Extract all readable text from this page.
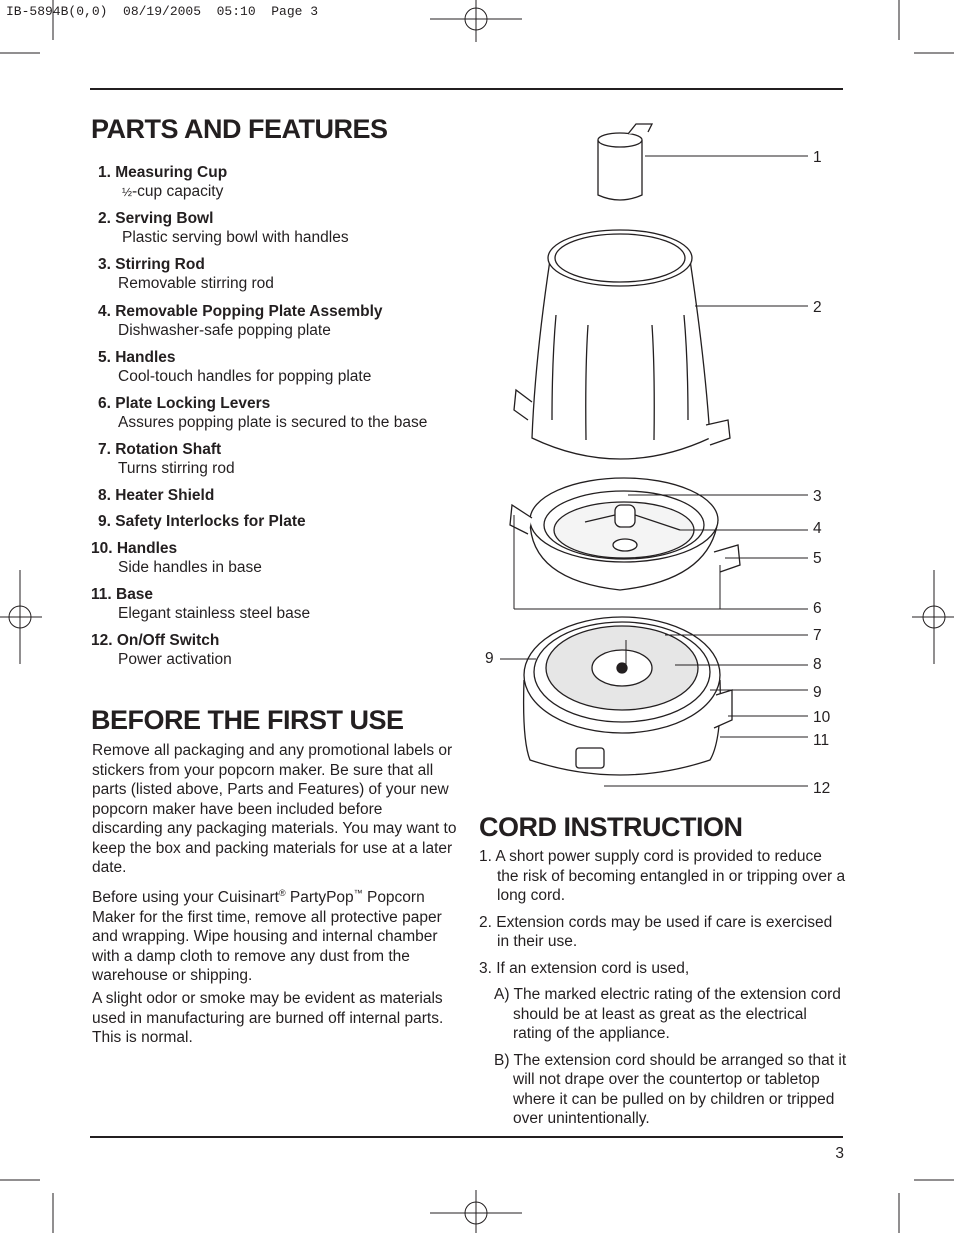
IB-5894B(0,0)  08/19/2005  05:10  Page 3
PARTS AND FEATURES
1. Measuring Cup
½-cup capacity
2. Serving Bowl
Plastic serving bowl with handles
3. Stirring Rod
Removable stirring rod
4. Removable Popping Plate Assembly
Dishwasher-safe popping plate
5. Handles
Cool-touch handles for popping plate
6. Plate Locking Levers
Assures popping plate is secured to the base
7. Rotation Shaft
Turns stirring rod
8. Heater Shield
9. Safety Interlocks for Plate
10. Handles
Side handles in base
11. Base
Elegant stainless steel base
12. On/Off Switch
Power activation
BEFORE THE FIRST USE

Remove all packaging and any promotional labels or stickers from your popcorn maker. Be sure that all parts (listed above, Parts and Features) of your new popcorn maker have been included before discarding any packaging materials. You may want to keep the box and packing materials for use at a later date.

Before using your Cuisinart® PartyPop™ Popcorn Maker for the first time, remove all protective paper and wrapping. Wipe housing and internal chamber with a damp cloth to remove any dust from the warehouse or shipping.

A slight odor or smoke may be evident as materials used in manufacturing are burned off internal parts. This is normal.

1
2
3
4
5
6
7
8
9
10
11
12
9
CORD INSTRUCTION
1. A short power supply cord is provided to reduce the risk of becoming entangled in or tripping over a long cord.
2. Extension cords may be used if care is exercised in their use.
3. If an extension cord is used,
A) The marked electric rating of the extension cord should be at least as great as the electrical rating of the appliance.
B) The extension cord should be arranged so that it will not drape over the countertop or tabletop where it can be pulled on by children or tripped over unintentionally.
3
